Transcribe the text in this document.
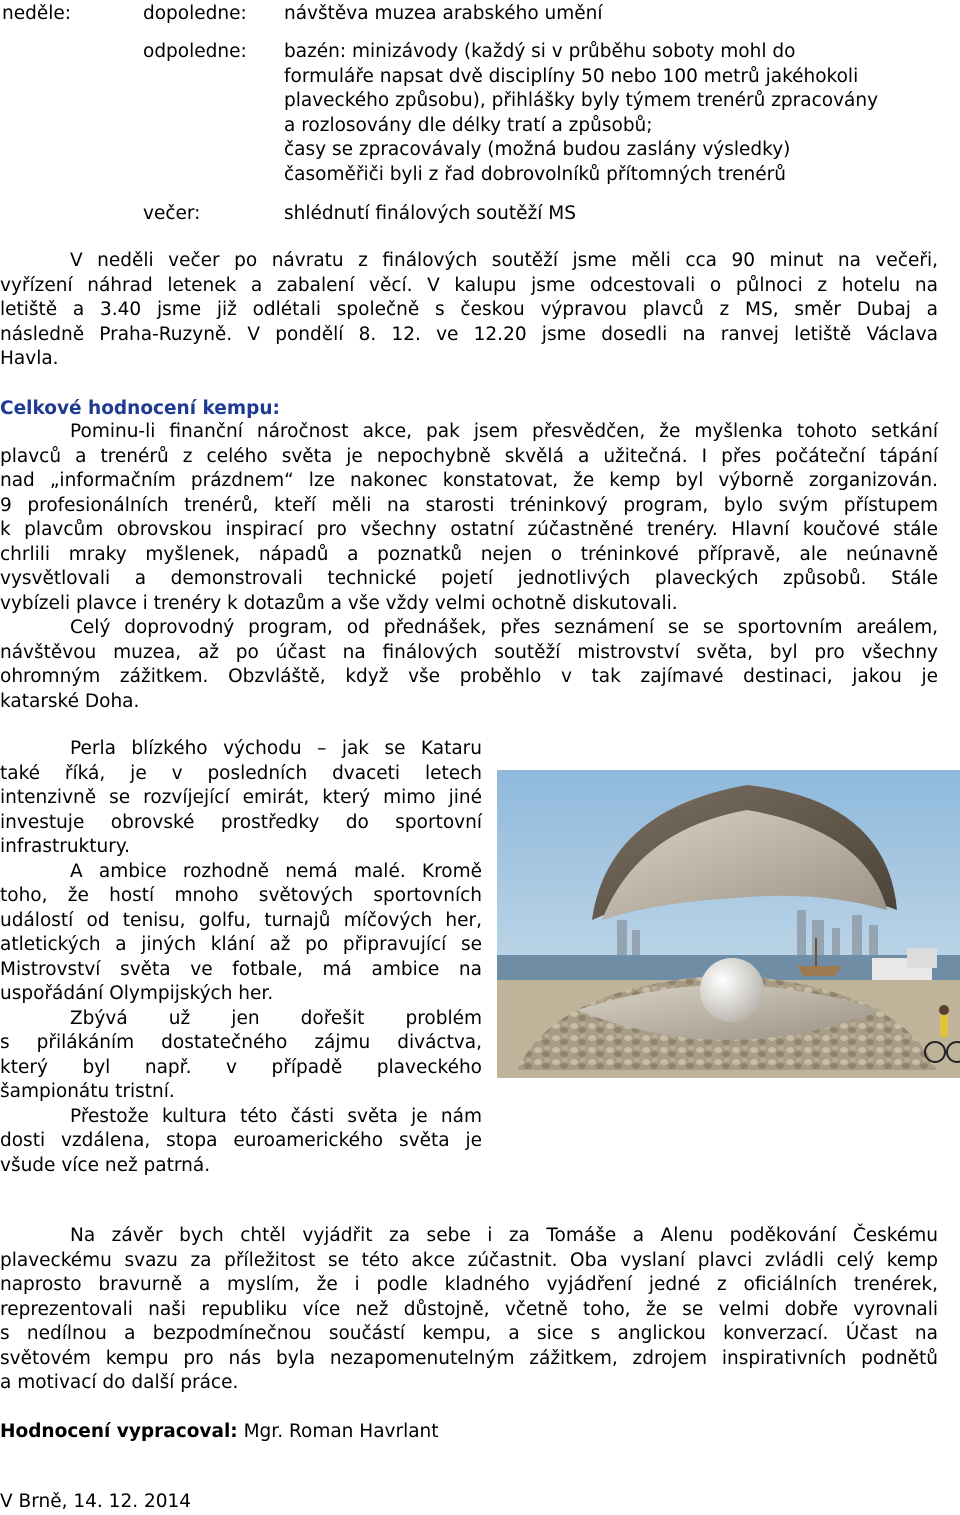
neděle:	dopoledne: návštěva muzea arabského umění
odpoledne: bazén: minizávody (každý si v průběhu soboty mohl do
formuláře napsat dvě disciplíny 50 nebo 100 metrů jakéhokoli
plaveckého způsobu), přihlášky byly týmem trenérů zpracovány
a rozlosovány dle délky tratí a způsobů;
časy se zpracovávaly (možná budou zaslány výsledky)
časoměřiči byli z řad dobrovolníků přítomných trenérů
večer:	shlédnutí finálových soutěží MS
V neděli večer po návratu z finálových soutěží jsme měli cca 90 minut na večeři,
vyřízení náhrad letenek a zabalení věcí. V kalupu jsme odcestovali o půlnoci z hotelu na
letiště a 3.40 jsme již odlétali společně s českou výpravou plavců z MS, směr Dubaj a
následně Praha-Ruzyně. V pondělí 8. 12. ve 12.20 jsme dosedli na ranvej letiště Václava
Havla.
Celkové hodnocení kempu:
Pominu-li finanční náročnost akce, pak jsem přesvědčen, že myšlenka tohoto setkání
plavců a trenérů z celého světa je nepochybně skvělá a užitečná. I přes počáteční tápání
nad „informačním prázdnem“ lze nakonec konstatovat, že kemp byl výborně zorganizován.
9 profesionálních trenérů, kteří měli na starosti tréninkový program, bylo svým přístupem
k plavcům obrovskou inspirací pro všechny ostatní zúčastněné trenéry. Hlavní koučové stále
chrlili mraky myšlenek, nápadů a poznatků nejen o tréninkové přípravě, ale neúnavně
vysvětlovali a demonstrovali technické pojetí jednotlivých plaveckých způsobů. Stále
vybízeli plavce i trenéry k dotazům a vše vždy velmi ochotně diskutovali.
Celý doprovodný program, od přednášek, přes seznámení se se sportovním areálem,
návštěvou muzea, až po účast na finálových soutěží mistrovství světa, byl pro všechny
ohromným zážitkem. Obzvláště, když vše proběhlo v tak zajímavé destinaci, jakou je
katarské Doha.
Perla blízkého východu – jak se Kataru
také říká, je v posledních dvaceti letech
intenzivně se rozvíjející emirát, který mimo jiné
investuje obrovské prostředky do sportovní
infrastruktury.
A ambice rozhodně nemá malé. Kromě
toho, že hostí mnoho světových sportovních
událostí od tenisu, golfu, turnajů míčových her,
atletických a jiných klání až po připravující se
Mistrovství světa ve fotbale, má ambice na
uspořádání Olympijských her.
Zbývá už jen dořešit problém
s přilákáním dostatečného zájmu diváctva,
který byl např. v případě plaveckého
šampionátu tristní.
Přestože kultura této části světa je nám
dosti vzdálena, stopa euroamerického světa je
všude více než patrná.
Na závěr bych chtěl vyjádřit za sebe i za Tomáše a Alenu poděkování Českému
plaveckému svazu za příležitost se této akce zúčastnit. Oba vyslaní plavci zvládli celý kemp
naprosto bravurně a myslím, že i podle kladného vyjádření jedné z oficiálních trenérek,
reprezentovali naši republiku více než důstojně, včetně toho, že se velmi dobře vyrovnali
s nedílnou a bezpodmínečnou součástí kempu, a sice s anglickou konverzací. Účast na
světovém kempu pro nás byla nezapomenutelným zážitkem, zdrojem inspirativních podnětů
a motivací do další práce.
Hodnocení vypracoval: Mgr. Roman Havrlant
V Brně, 14. 12. 2014
